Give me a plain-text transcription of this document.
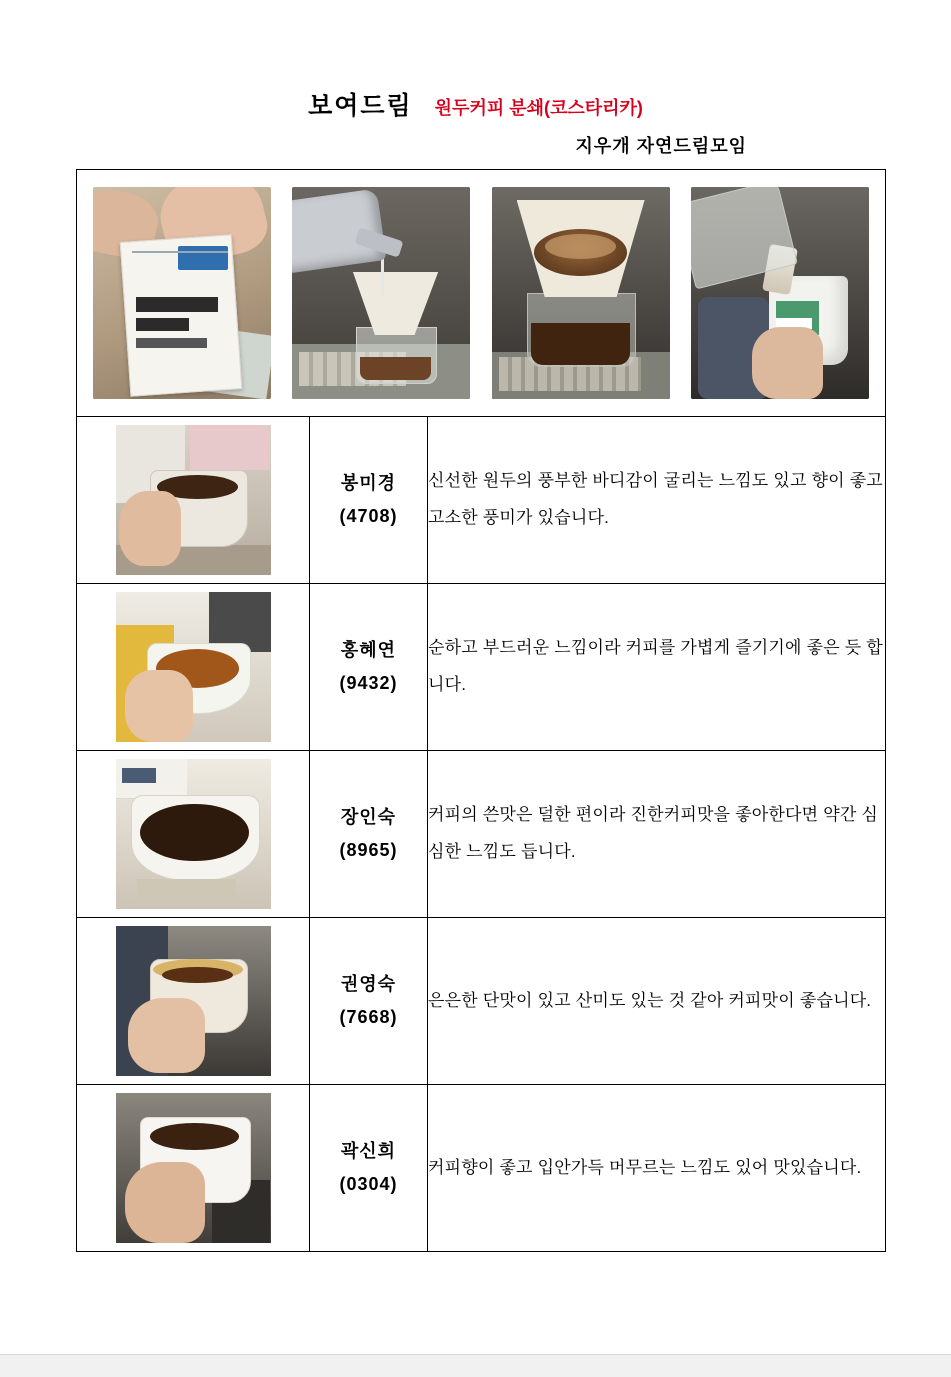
보여드림 원두커피 분쇄(코스타리카)
지우개 자연드림모임

	봉미경
(4708)	신선한 원두의 풍부한 바디감이 굴리는 느낌도 있고 향이 좋고 고소한 풍미가 있습니다.

	홍혜연
(9432)	순하고 부드러운 느낌이라 커피를 가볍게 즐기기에 좋은 듯 합니다.

	장인숙
(8965)	커피의 쓴맛은 덜한 편이라 진한커피맛을 좋아한다면 약간 심심한 느낌도 듭니다.

	권영숙
(7668)	은은한 단맛이 있고 산미도 있는 것 같아 커피맛이 좋습니다.

	곽신희
(0304)	커피향이 좋고 입안가득 머무르는 느낌도 있어 맛있습니다.
